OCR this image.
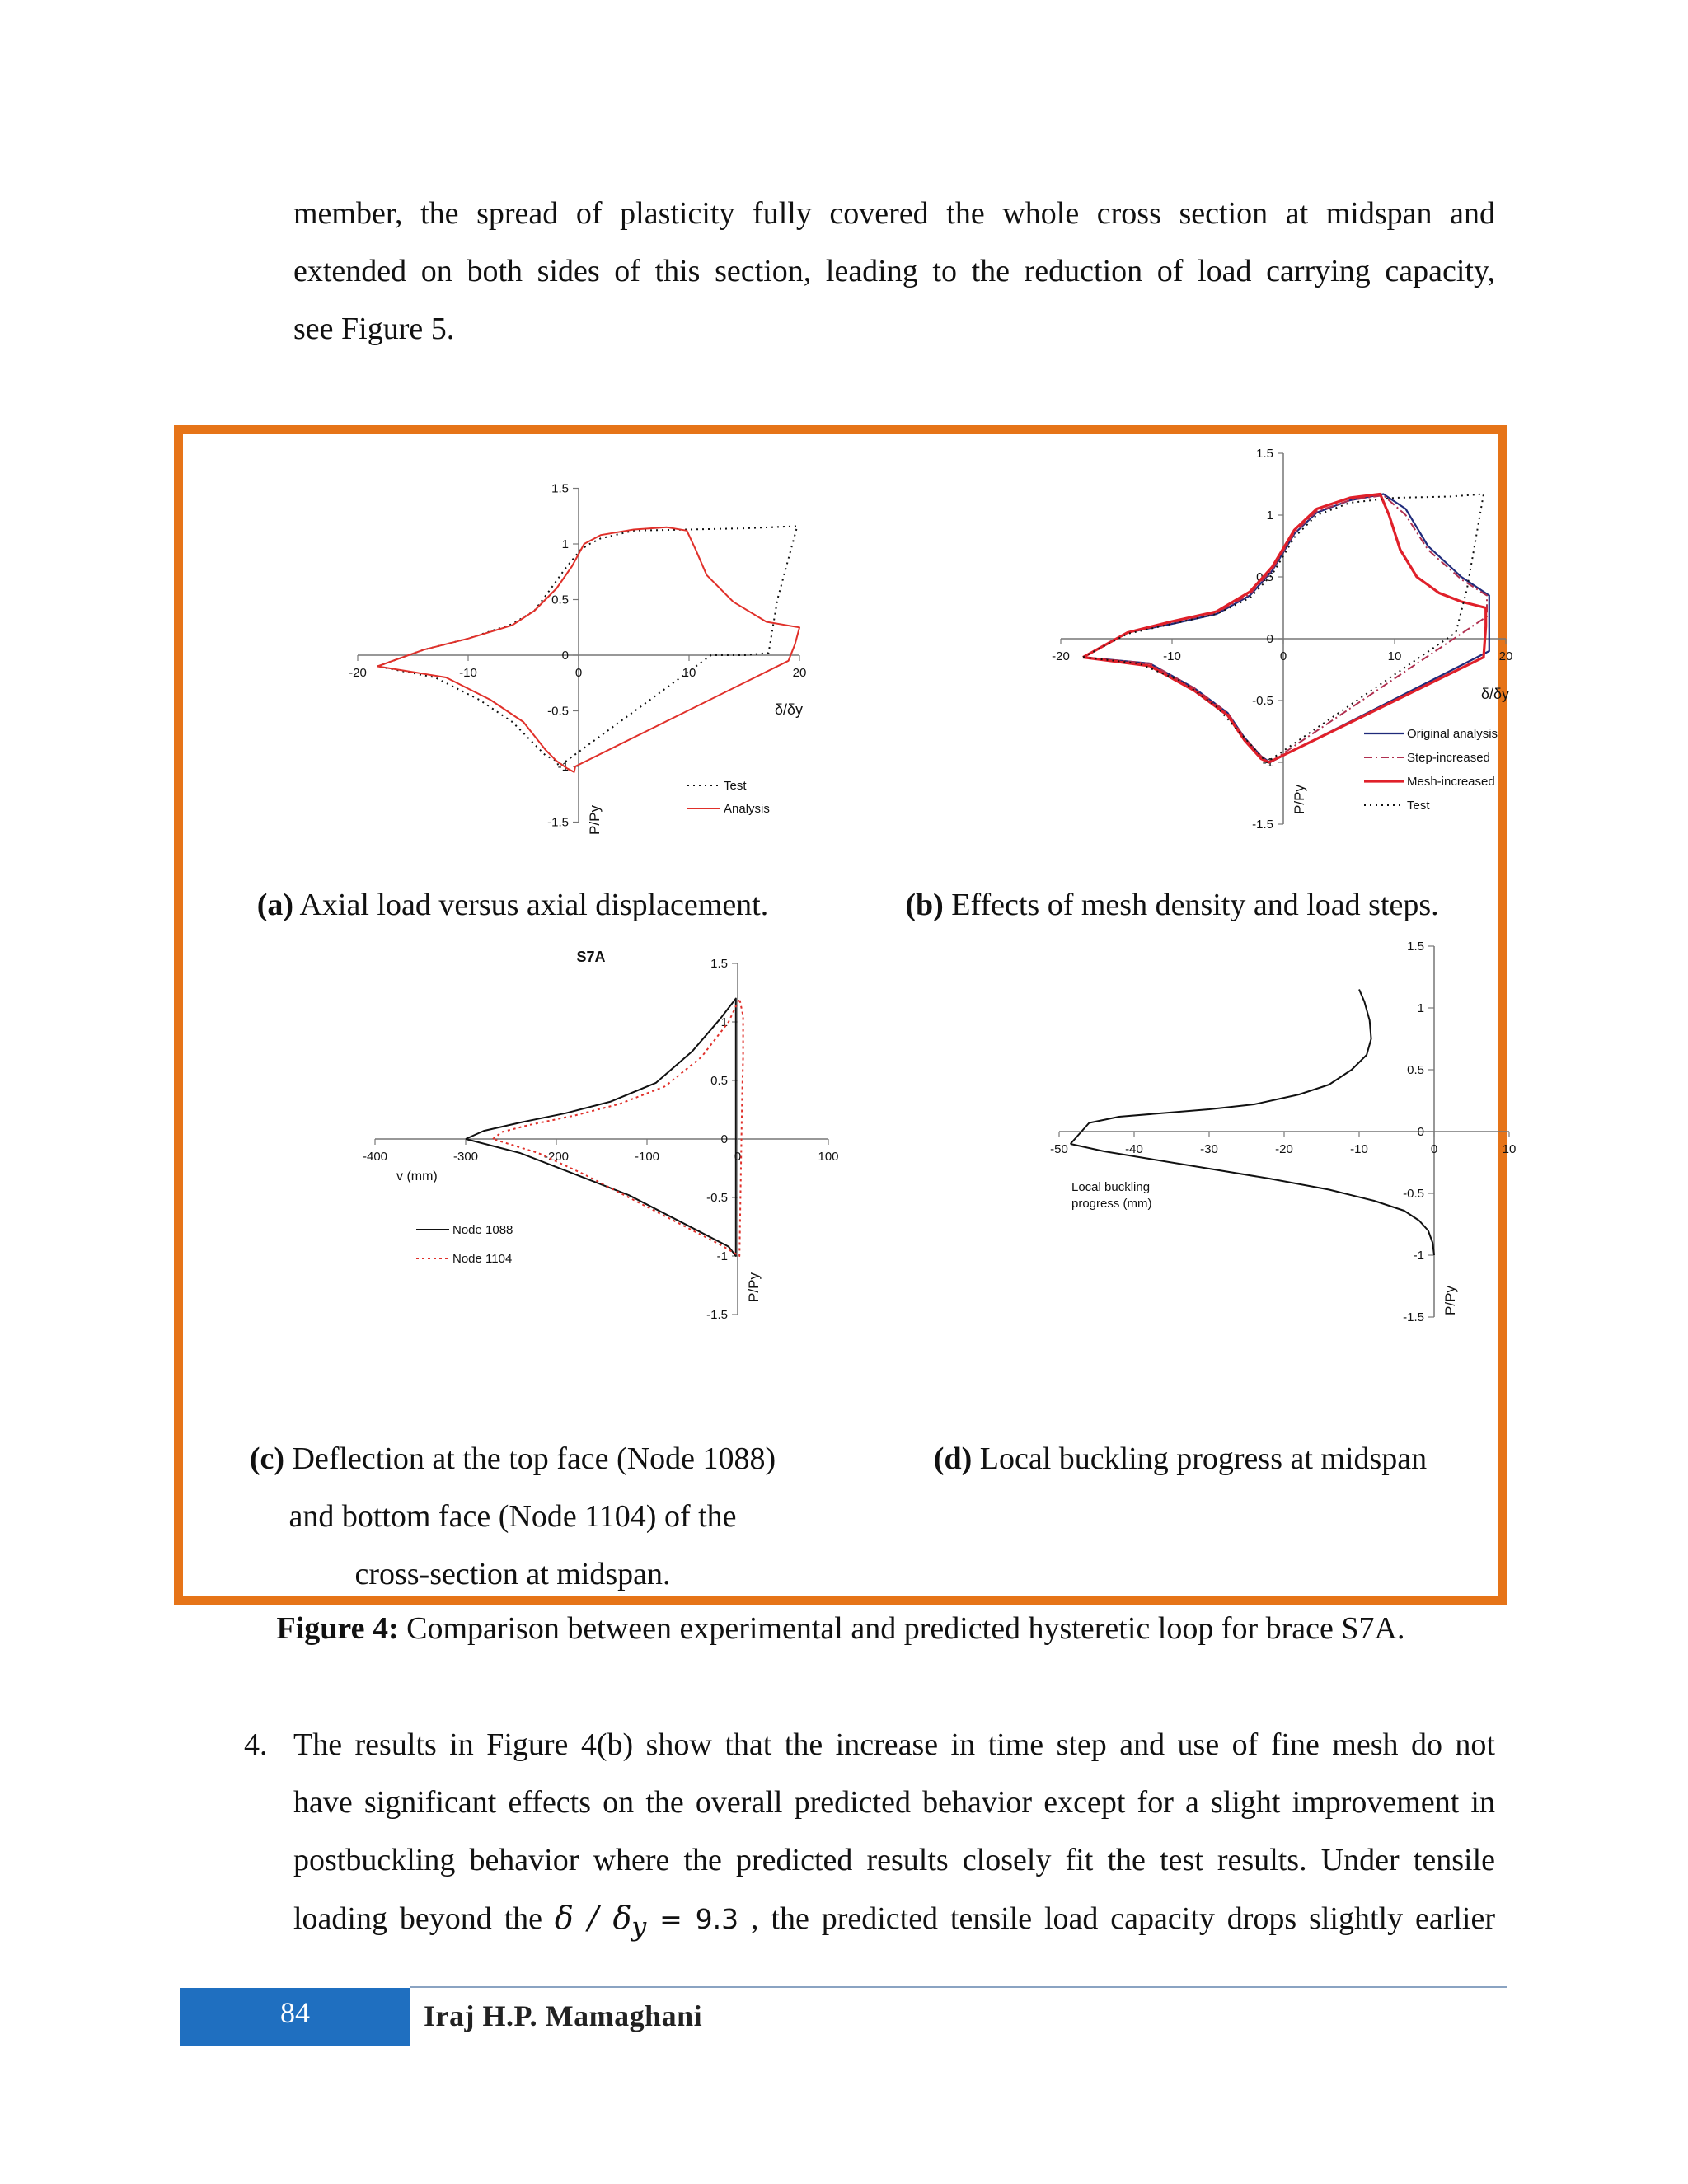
member, the spread of plasticity fully covered the whole cross section at midspan and
extended on both sides of this section, leading to the reduction of load carrying capacity,
see Figure 5.
-20	-10	0	10	20
-1.5
-1
-0.5
0
0.5
1
1.5
δ/δy
P/Py
Test
Analysis
-20	-10	0	10	20
-1.5
-1
-0.5
0
0.5
1
1.5
δ/δy
P/Py
Original analysis
Step-increased
Mesh-increased
Test
-400	-300	-200	-100	0	100
-1.5
-1
-0.5
0
0.5
1
1.5
S7A
v (mm)
P/Py
Node 1088
Node 1104
-50	-40	-30	-20	-10	0	10
-1.5
-1
-0.5
0
0.5
1
1.5
Local buckling
progress (mm)
P/Py
(a) Axial load versus axial displacement.	(b) Effects of mesh density and load steps.
(c) Deflection at the top face (Node 1088)
and bottom face (Node 1104) of the
cross-section at midspan.
(d) Local buckling progress at midspan
Figure 4: Comparison between experimental and predicted hysteretic loop for brace S7A.
4. The results in Figure 4(b) show that the increase in time step and use of fine mesh do not
have significant effects on the overall predicted behavior except for a slight improvement in
postbuckling behavior where the predicted results closely fit the test results. Under tensile
loading beyond the $\delta / \delta_y = 9.3$ , the predicted tensile load capacity drops slightly earlier
84	Iraj H.P. Mamaghani
